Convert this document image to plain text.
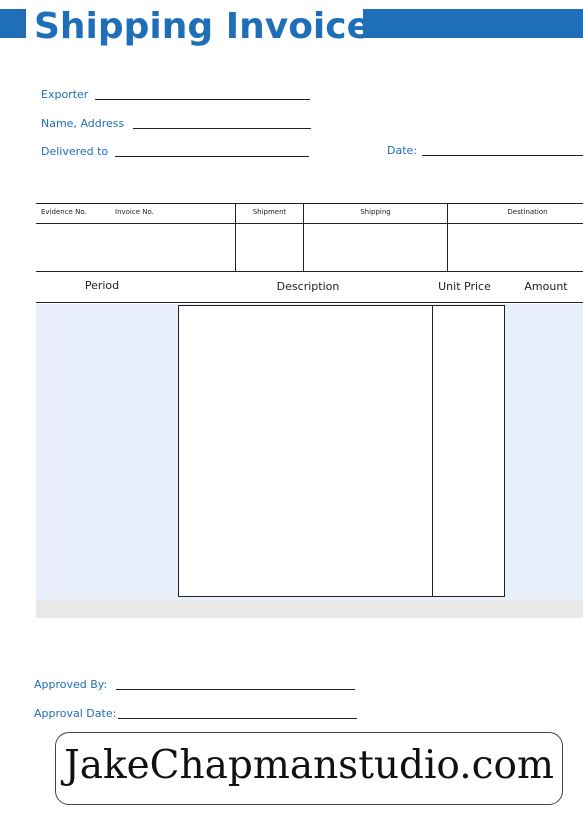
Shipping Invoice
Exporter
Name, Address
Delivered to	Date:
Evidence No.	Invoice No.	Shipment	Shipping	Destination
Period	Description	Unit Price	Amount
Approved By:
Approval Date:
JakeChapmanstudio.com
